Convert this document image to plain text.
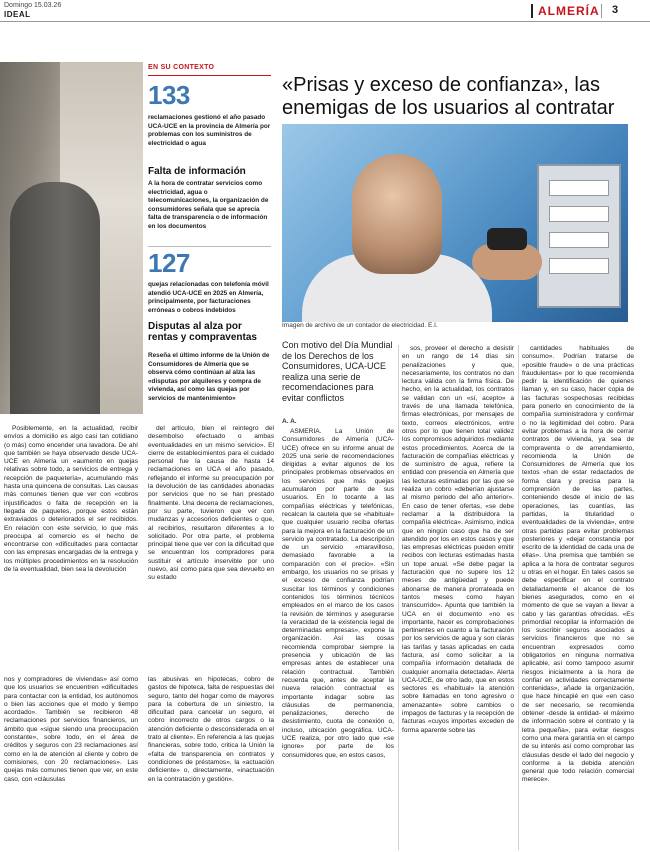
Domingo 15.03.26
IDEAL	ALMERÍA 3
EN SU CONTEXTO
133
reclamaciones gestionó el año pasado UCA-UCE en la provincia de Almería por problemas con los suministros de electricidad o agua
Falta de información
A la hora de contratar servicios como electricidad, agua o telecomunicaciones, la organización de consumidores señala que se aprecia falta de transparencia o de información en los documentos
127
quejas relacionadas con telefonía móvil atendió UCA-UCE en 2025 en Almería, principalmente, por facturaciones erróneas o cobros indebidos
Disputas al alza por rentas y compraventas
Reseña el último informe de la Unión de Consumidores de Almería que se observa cómo continúan al alza las «disputas por alquileres y compra de vivienda, así como las quejas por servicios de mantenimiento»
«Prisas y exceso de confianza», las enemigas de los usuarios al contratar
Imagen de archivo de un contador de electricidad. E.I.
Con motivo del Día Mundial de los Derechos de los Consumidores, UCA-UCE realiza una serie de recomendaciones para evitar conflictos
A. A.

ASMERÍA. La Unión de Consumidores de Almería (UCA-UCE) ofrece en su informe anual de 2025 una serie de recomendaciones dirigidas a evitar algunos de los principales problemas observados en los servicios que más quejas acumularon por parte de sus usuarios. En lo tocante a las compañías eléctricas y telefónicas, recalcan la cautela que se «habitual» que cualquier usuario reciba ofertas para la mejora en la facturación de un servicio ya contratado. La descripción de un servicio «maravilloso, demasiado favorable a la comparación con el precio». «Sin embargo, los usuarios no se prisas y el exceso de confianza podrían suscitar los términos y condiciones contenidos los términos técnicos empleados en el marco de los casos la revisión de términos y asegurarse la veracidad de la existencia legal de determinadas empresas», expone la organización. Así las cosas recomienda comprobar siempre la presencia y ubicación de las empresas antes de establecer una relación contractual. También recuerda que, antes de aceptar la nueva relación contractual es importante indagar sobre las cláusulas de permanencia, penalizaciones, derecho de desistimiento, cuota de conexión o, incluso, ubicación geográfica. UCA-UCE realiza, por otro lado que «se ignore» por parte de los consumidores que, en estos casos,

sos, proveer el derecho a desistir en un rango de 14 días sin penalizaciones y que, necesariamente, los contratos no dan lectura válida con la firma física. De hecho, en la actualidad, los contratos se validan con un «sí, acepto» a través de una llamada telefónica, firmas electrónicas, por mensajes de texto, correos electrónicos, entre otros por lo que tienen total validez los compromisos adquiridos mediante estos procedimientos. Acerca de la facturación de compañías eléctricas y de suministro de agua, refiere la entidad con presencia en Almería que las lecturas estimadas por las que se realiza un cobro «deberían ajustarse al mismo periodo del año anterior». En caso de tener ofertas, «se debe reclamar a la distribuidora la compañía eléctrica». Asimismo, indica que en ningún caso que ha de ser atendido por los en estos casos y que las empresas eléctricas pueden emitir recibos con lecturas estimadas hasta un tope anual. «Se debe pagar la facturación que no supere los 12 meses de antigüedad y puede abonarse de manera prorrateada en tantos meses como hayan transcurrido». Apunta que también la UCA en el documento «no es importante, hacer es comprobaciones pertinentes en cuanto a la facturación por los servicios de agua y son claras las tarifas y tasas aplicadas en cada factura, así como solicitar a la compañía información detallada de cualquier anomalía detectada». Alerta UCA-UCE, de otro lado, que en estos sectores es «habitual» la atención sobre llamadas en tono agresivo o amenazante» sobre cambios o impagos de facturas y la recepción de facturas «cuyos importes exceden de forma aparente sobre las

cantidades habituales de consumo». Podrían tratarse de «posible fraude» o de una prácticas fraudulentas» por lo que recomienda pedir la identificación de quienes llaman y, en su caso, hacer copia de las facturas sospechosas recibidas para ponerlo en conocimiento de la compañía suministradora y confirmar o no la legitimidad del cobro. Para evitar problemas a la hora de cerrar contratos de vivienda, ya sea de compraventa o de arrendamiento, recomienda la Unión de Consumidores de Almería que los textos «han de estar redactados de forma clara y precisa para la comprensión de las partes, conteniendo desde el inicio de las operaciones, las cuantías, las partidas, la titularidad o eventualidades de la vivienda», entre otras partidas para evitar problemas posteriores y «dejar constancia por escrito de la identidad de cada una de ellas». Una premisa que también se aplica a la hora de contratar seguros u otras en el hogar. En tales casos se debe especificar en el contrato detalladamente el alcance de los bienes asegurados, como en el momento de que se vayan a llevar a cabo y las garantías ofrecidas. «Es primordial recopilar la información de los suscribir seguros asociados a servicios financieros que no se encuentran expresados como obligatorios en ninguna normativa aplicable, así como tampoco asumir riesgos inicialmente a la hora de confiar en actividades correctamente contenidas», añade la organización, que hace hincapié en que «en caso de ser necesario, se recomienda obtener -desde la entidad- el máximo de información sobre el contrato y la letra pequeña», para evitar riesgos como una mera garantía en el campo de su interés así como comprobar las cláusulas desde el lado del negocio y conforme a la debida atención general que todo relación comercial merece».

Posiblemente, en la actualidad, recibir envíos a domicilio es algo casi tan cotidiano (o más) como encender una lavadora. De ahí que también se haya observado desde UCA-UCE en Almería un «aumento en quejas relativas sobre todo, a servicios de entrega y recepción de paquetería», acumulando más hasta una quincena de consultas. Las causas más comunes tienen que ver con «cobros injustificados o falta de recepción en la llegada de paquetes, porque estos están extraviados o deteriorados el ser recibidos. En relación con este servicio, lo que más preocupa al comercio es el hecho de encontrarse con «dificultades para contactar con las empresas encargadas de la entrega y los múltiples procedimientos en la resolución de la eventualidad, bien sea la devolución

del artículo, bien el reintegro del desembolso efectuado o ambas eventualidades en un mismo servicio». El cierre de establecimientos para el cuidado personal fue la causa de hasta 14 reclamaciones en UCA el año pasado, reflejando el informe su preocupación por la devolución de las cantidades abonadas por servicios que no se han prestado finalmente. Una decena de reclamaciones, por su parte, tuvieron que ver con mudanzas y accesorios deficientes o que, al recibirlos, resultaron diferentes a lo solicitado. Por otra parte, el problema principal tiene que ver con la dificultad que se encuentran los compradores para sustituir el artículo inservible por uno nuevo, así como para que sea devuelto en su estado

nos y compradores de viviendas» así como que los usuarios se encuentren «dificultades para contactar con la entidad, los autónomos o bien las acciones que el modo y tiempo acordado». También se recibieron 48 reclamaciones por servicios financieros, un ámbito que «sigue siendo una preocupación constante», sobre todo, en el área de créditos y seguros con 23 reclamaciones así como en la de atención al cliente y cobro de comisiones, con 20 reclamaciones». Las quejas más comunes tienen que ver, en este caso, con «cláusulas

las abusivas en hipotecas, cobro de gastos de hipoteca, falta de respuestas del seguro, tanto del hogar como de mayores para la cobertura de un siniestro, la dificultad para cancelar un seguro, el cobro incorrecto de otros cargos o la atención deficiente o desconsiderada en el trato al cliente». En referencia a las quejas financieras, sobre todo, critica la Unión la «falta de transparencia en contratos y condiciones de préstamos», la «actuación deficiente» o, directamente, «inactuación en la contratación y gestión».
